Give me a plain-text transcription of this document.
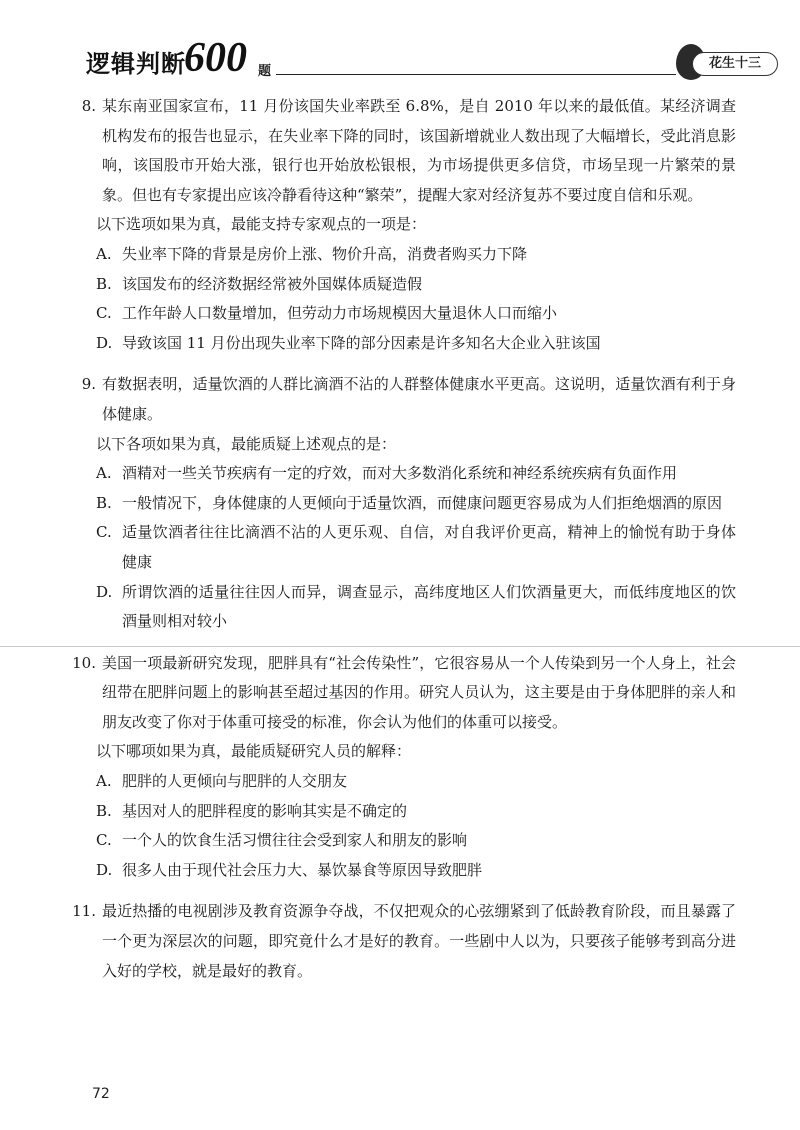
逻辑判断
600 题
花生十三
8. 某东南亚国家宣布，11 月份该国失业率跌至 6.8%，是自 2010 年以来的最低值。某经济调查机构发布的报告也显示，在失业率下降的同时，该国新增就业人数出现了大幅增长，受此消息影响，该国股市开始大涨，银行也开始放松银根，为市场提供更多信贷，市场呈现一片繁荣的景象。但也有专家提出应该冷静看待这种“繁荣”，提醒大家对经济复苏不要过度自信和乐观。
以下选项如果为真，最能支持专家观点的一项是：
A. 失业率下降的背景是房价上涨、物价升高，消费者购买力下降
B. 该国发布的经济数据经常被外国媒体质疑造假
C. 工作年龄人口数量增加，但劳动力市场规模因大量退休人口而缩小
D. 导致该国 11 月份出现失业率下降的部分因素是许多知名大企业入驻该国
9. 有数据表明，适量饮酒的人群比滴酒不沾的人群整体健康水平更高。这说明，适量饮酒有利于身体健康。
以下各项如果为真，最能质疑上述观点的是：
A. 酒精对一些关节疾病有一定的疗效，而对大多数消化系统和神经系统疾病有负面作用
B. 一般情况下，身体健康的人更倾向于适量饮酒，而健康问题更容易成为人们拒绝烟酒的原因
C. 适量饮酒者往往比滴酒不沾的人更乐观、自信，对自我评价更高，精神上的愉悦有助于身体健康
D. 所谓饮酒的适量往往因人而异，调查显示，高纬度地区人们饮酒量更大，而低纬度地区的饮酒量则相对较小
10. 美国一项最新研究发现，肥胖具有“社会传染性”，它很容易从一个人传染到另一个人身上，社会纽带在肥胖问题上的影响甚至超过基因的作用。研究人员认为，这主要是由于身体肥胖的亲人和朋友改变了你对于体重可接受的标准，你会认为他们的体重可以接受。
以下哪项如果为真，最能质疑研究人员的解释：
A. 肥胖的人更倾向与肥胖的人交朋友
B. 基因对人的肥胖程度的影响其实是不确定的
C. 一个人的饮食生活习惯往往会受到家人和朋友的影响
D. 很多人由于现代社会压力大、暴饮暴食等原因导致肥胖
11. 最近热播的电视剧涉及教育资源争夺战，不仅把观众的心弦绷紧到了低龄教育阶段，而且暴露了一个更为深层次的问题，即究竟什么才是好的教育。一些剧中人以为，只要孩子能够考到高分进入好的学校，就是最好的教育。
72
